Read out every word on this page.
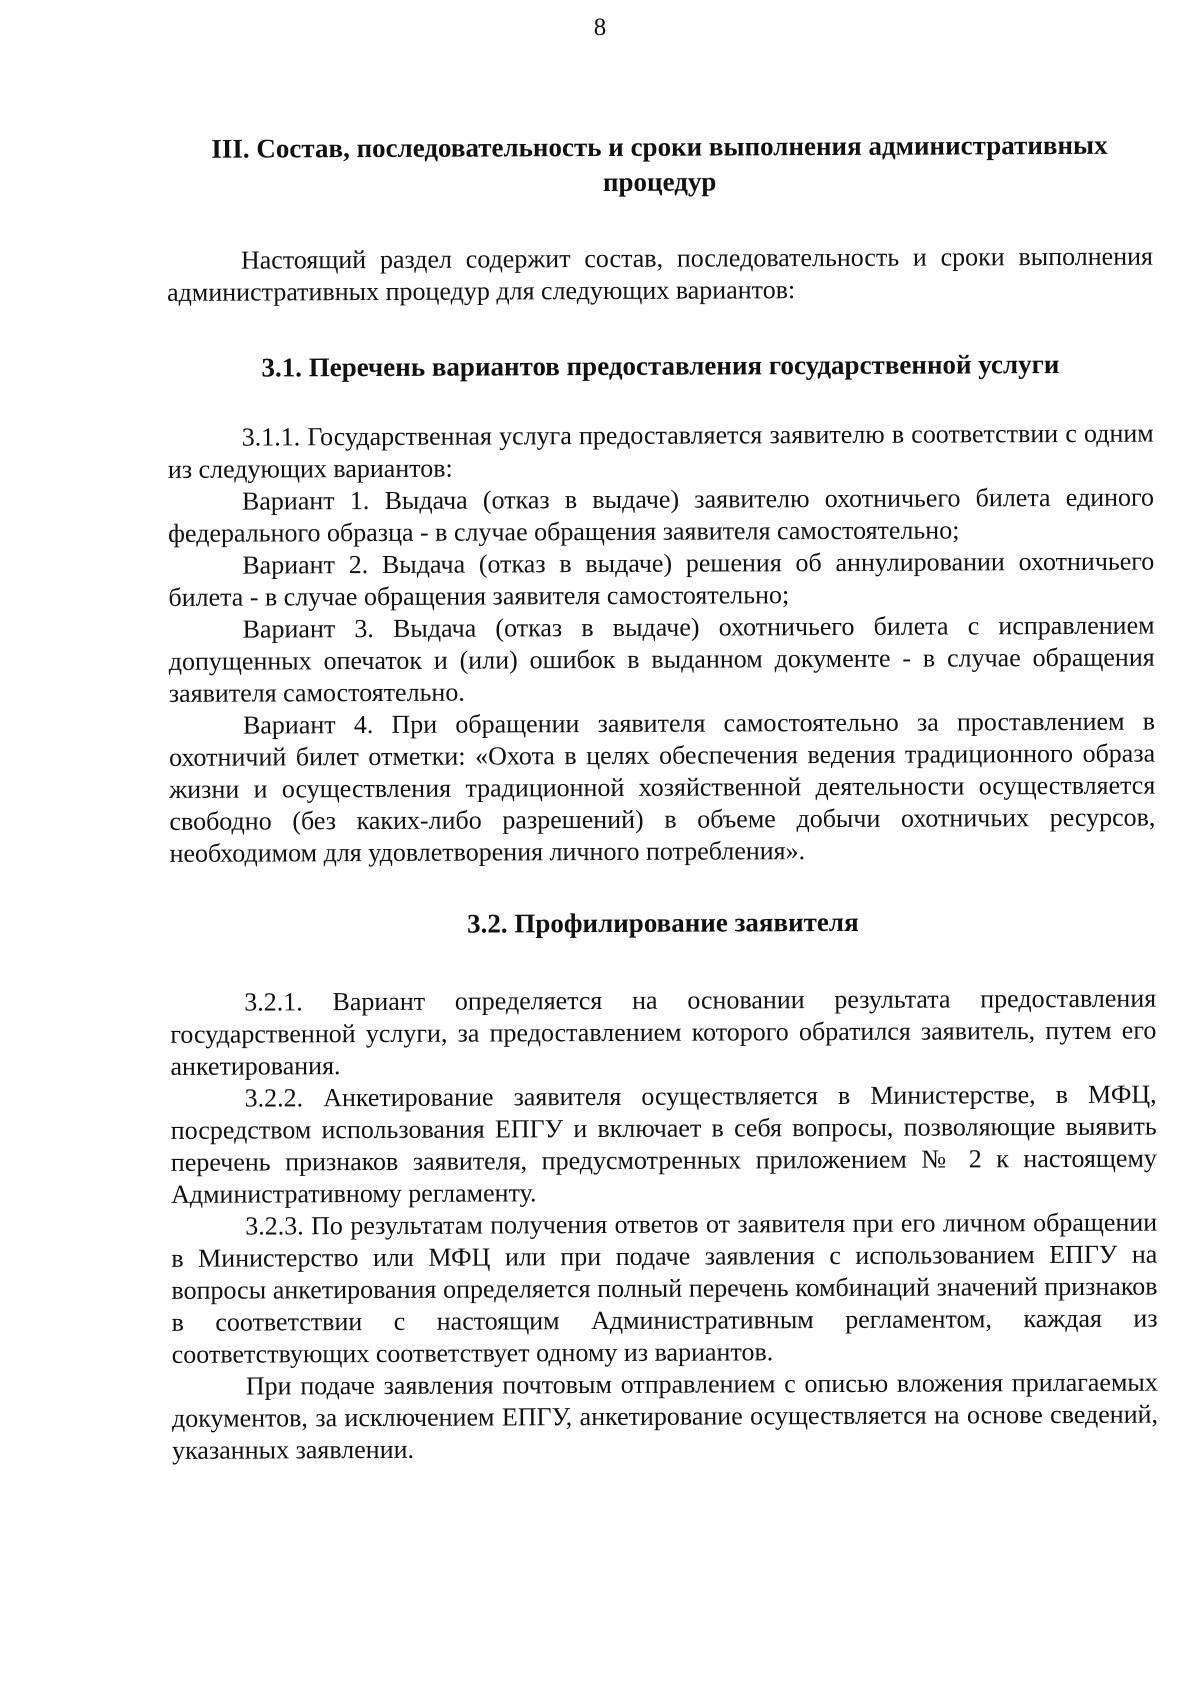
8
III. Состав, последовательность и сроки выполнения административных процедур

Настоящий раздел содержит состав, последовательность и сроки выполнения административных процедур для следующих вариантов:

3.1. Перечень вариантов предоставления государственной услуги

3.1.1. Государственная услуга предоставляется заявителю в соответствии с одним из следующих вариантов:

Вариант 1. Выдача (отказ в выдаче) заявителю охотничьего билета единого федерального образца - в случае обращения заявителя самостоятельно;

Вариант 2. Выдача (отказ в выдаче) решения об аннулировании охотничьего билета - в случае обращения заявителя самостоятельно;

Вариант 3. Выдача (отказ в выдаче) охотничьего билета с исправлением допущенных опечаток и (или) ошибок в выданном документе - в случае обращения заявителя самостоятельно.

Вариант 4. При обращении заявителя самостоятельно за проставлением в охотничий билет отметки: «Охота в целях обеспечения ведения традиционного образа жизни и осуществления традиционной хозяйственной деятельности осуществляется свободно (без каких-либо разрешений) в объеме добычи охотничьих ресурсов, необходимом для удовлетворения личного потребления».

3.2. Профилирование заявителя

3.2.1. Вариант определяется на основании результата предоставления государственной услуги, за предоставлением которого обратился заявитель, путем его анкетирования.

3.2.2. Анкетирование заявителя осуществляется в Министерстве, в МФЦ, посредством использования ЕПГУ и включает в себя вопросы, позволяющие выявить перечень признаков заявителя, предусмотренных приложением № 2 к настоящему Административному регламенту.

3.2.3. По результатам получения ответов от заявителя при его личном обращении в Министерство или МФЦ или при подаче заявления с использованием ЕПГУ на вопросы анкетирования определяется полный перечень комбинаций значений признаков в соответствии с настоящим Административным регламентом, каждая из соответствующих соответствует одному из вариантов.

При подаче заявления почтовым отправлением с описью вложения прилагаемых документов, за исключением ЕПГУ, анкетирование осуществляется на основе сведений, указанных заявлении.
